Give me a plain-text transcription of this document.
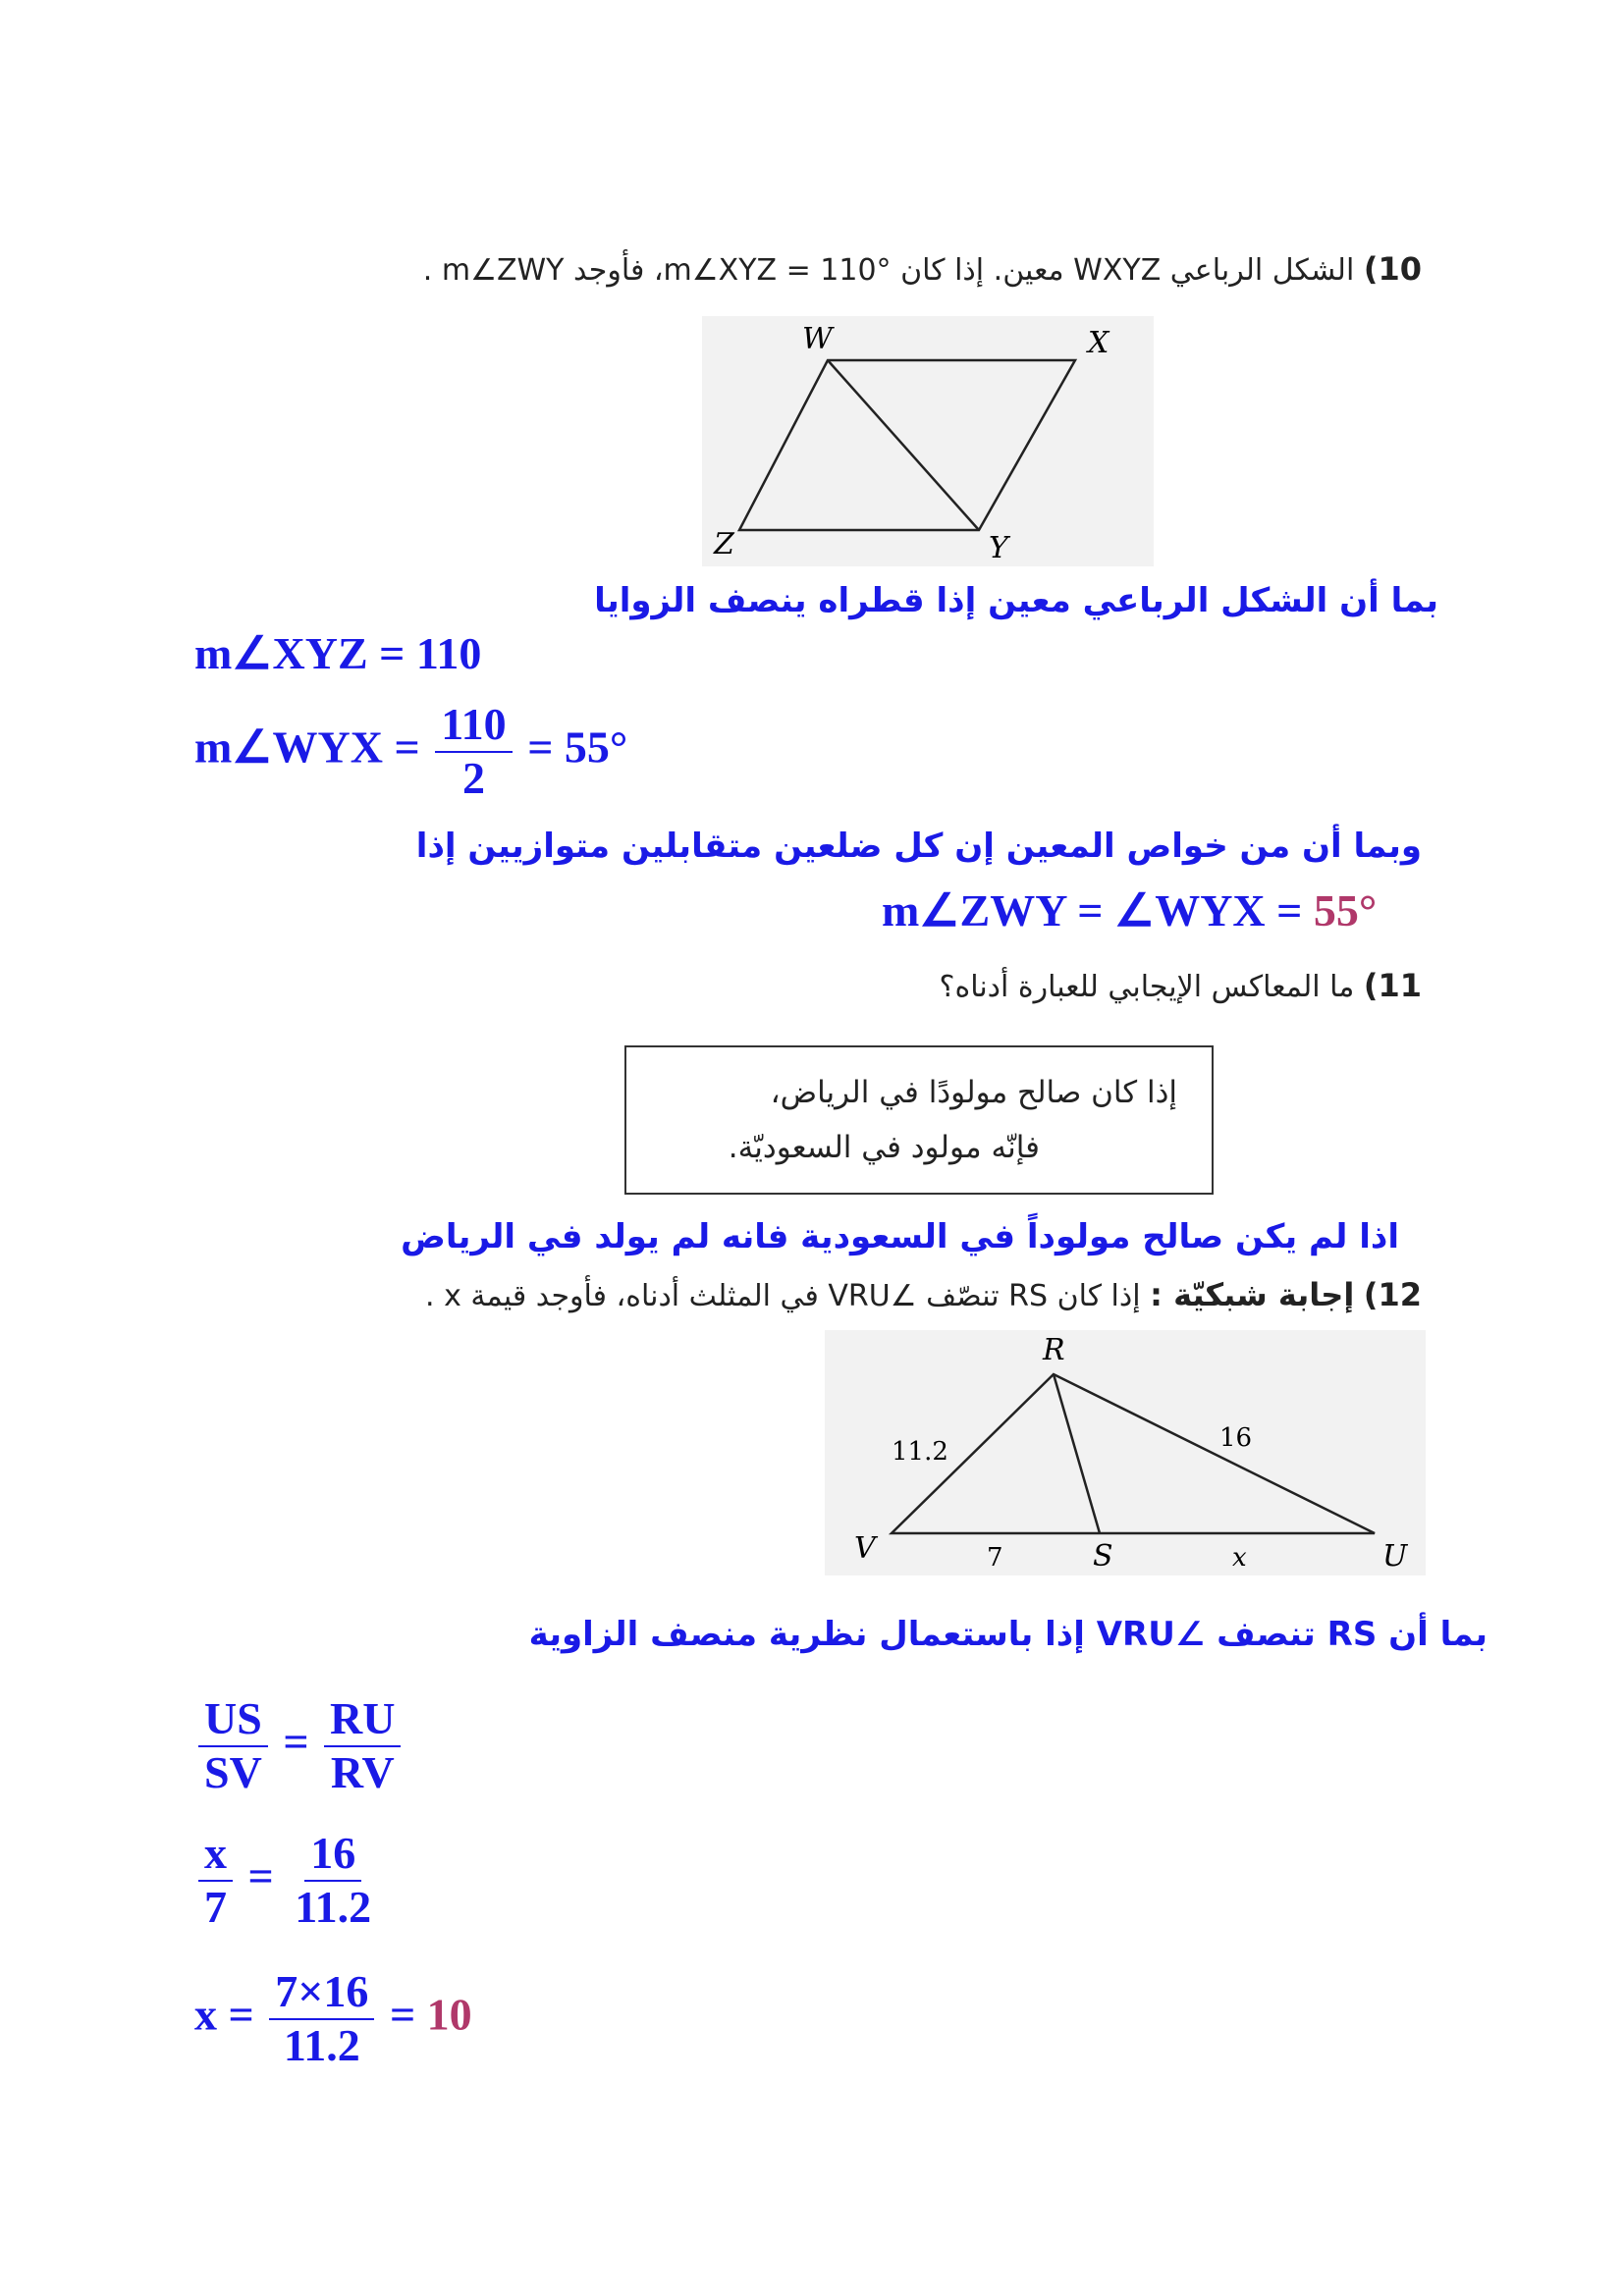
10) الشكل الرباعي WXYZ معين. إذا كان m∠XYZ = 110°، فأوجد m∠ZWY .
W	X
Y
Z
بما أن الشكل الرباعي معين إذا قطراه ينصف الزوايا
m∠XYZ = 110
m∠WYX = $\frac{110}{2} = 55^\circ$
وبما أن من خواص المعين إن كل ضلعين متقابلين متوازيين إذا
m∠ZWY = ∠WYX = 55°
11) ما المعاكس الإيجابي للعبارة أدناه؟
إذا كان صالح مولودًا في الرياض،
فإنّه مولود في السعوديّة.
اذا لم يكن صالح مولوداً في السعودية فانه لم يولد في الرياض
12) إجابة شبكيّة : إذا كان RS تنصّف ∠VRU في المثلث أدناه، فأوجد قيمة x .
R
V	S	U
11.2	16
7	x
بما أن RS تنصف ∠VRU إذا باستعمال نظرية منصف الزاوية
$\frac{US}{SV} = \frac{RU}{RV}$
$\frac{x}{7} = \frac{16}{11.2}$
$x = \frac{7\times 16}{11.2} = 10$
